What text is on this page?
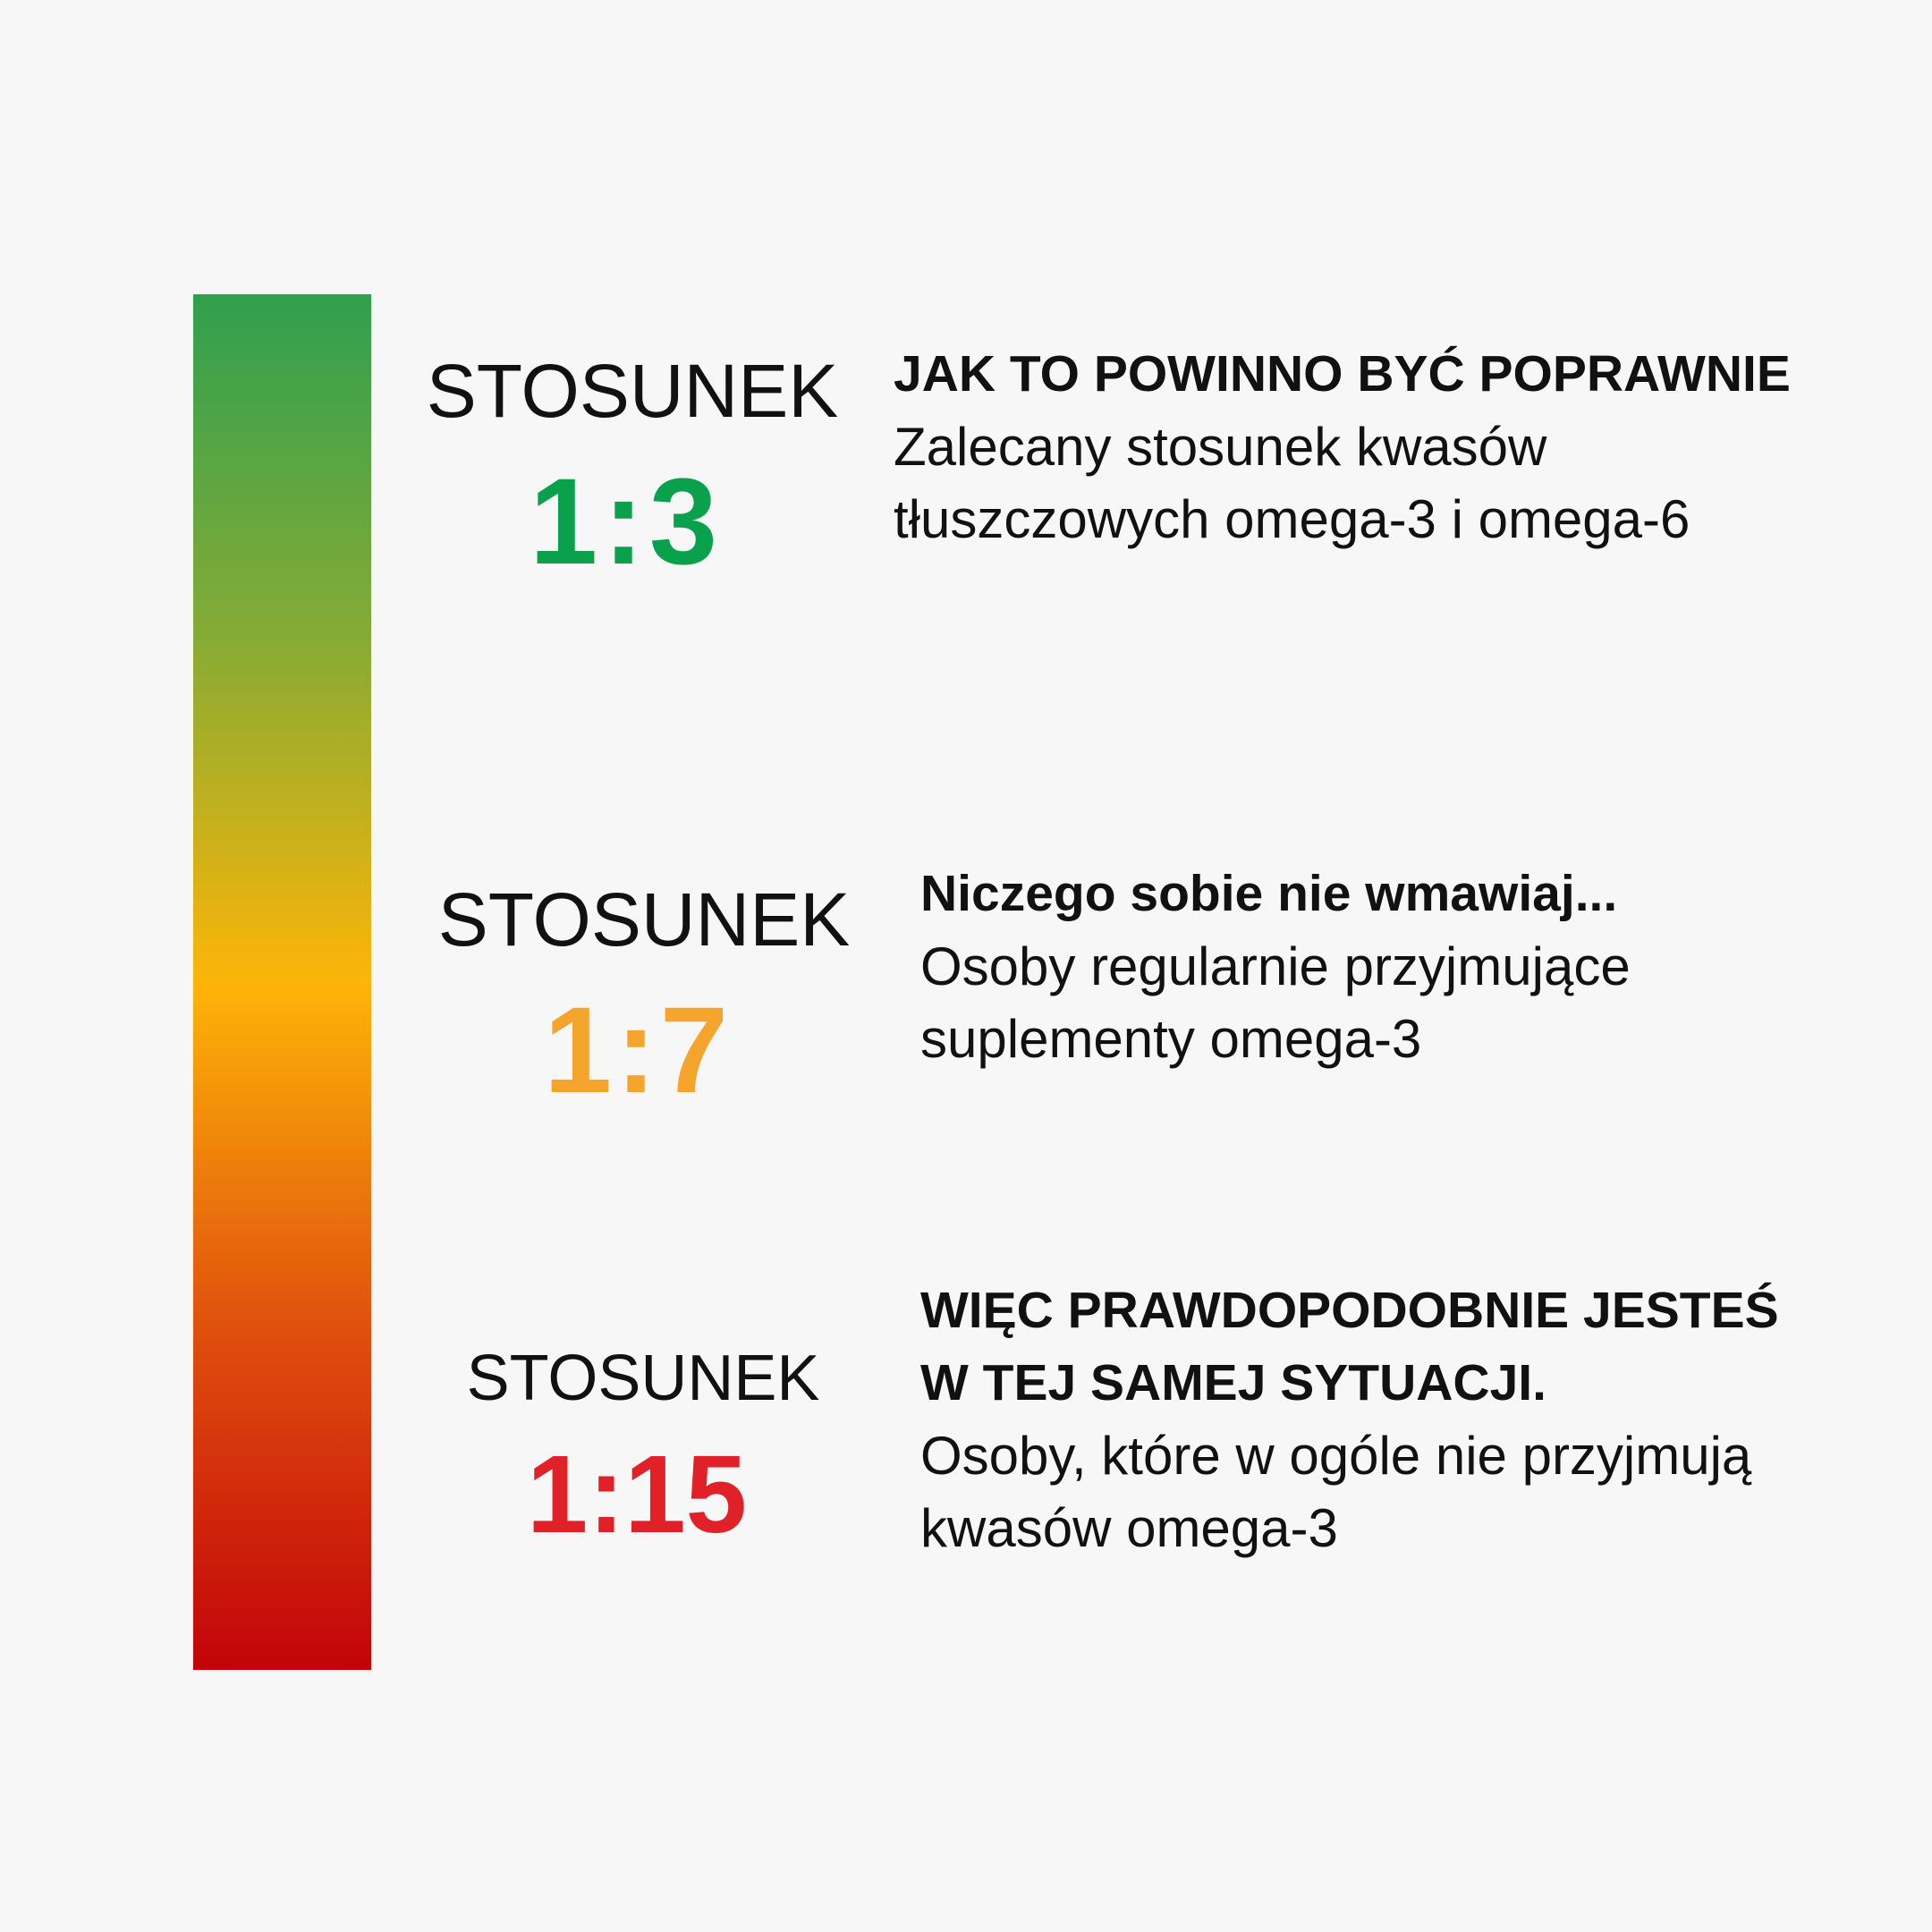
STOSUNEK
1:3
JAK TO POWINNO BYĆ POPRAWNIE
Zalecany stosunek kwasów
tłuszczowych omega-3 i omega-6
STOSUNEK
1:7
Niczego sobie nie wmawiaj...
Osoby regularnie przyjmujące
suplementy omega-3
STOSUNEK
1:15
WIĘC PRAWDOPODOBNIE JESTEŚ
W TEJ SAMEJ SYTUACJI.
Osoby, które w ogóle nie przyjmują
kwasów omega-3
